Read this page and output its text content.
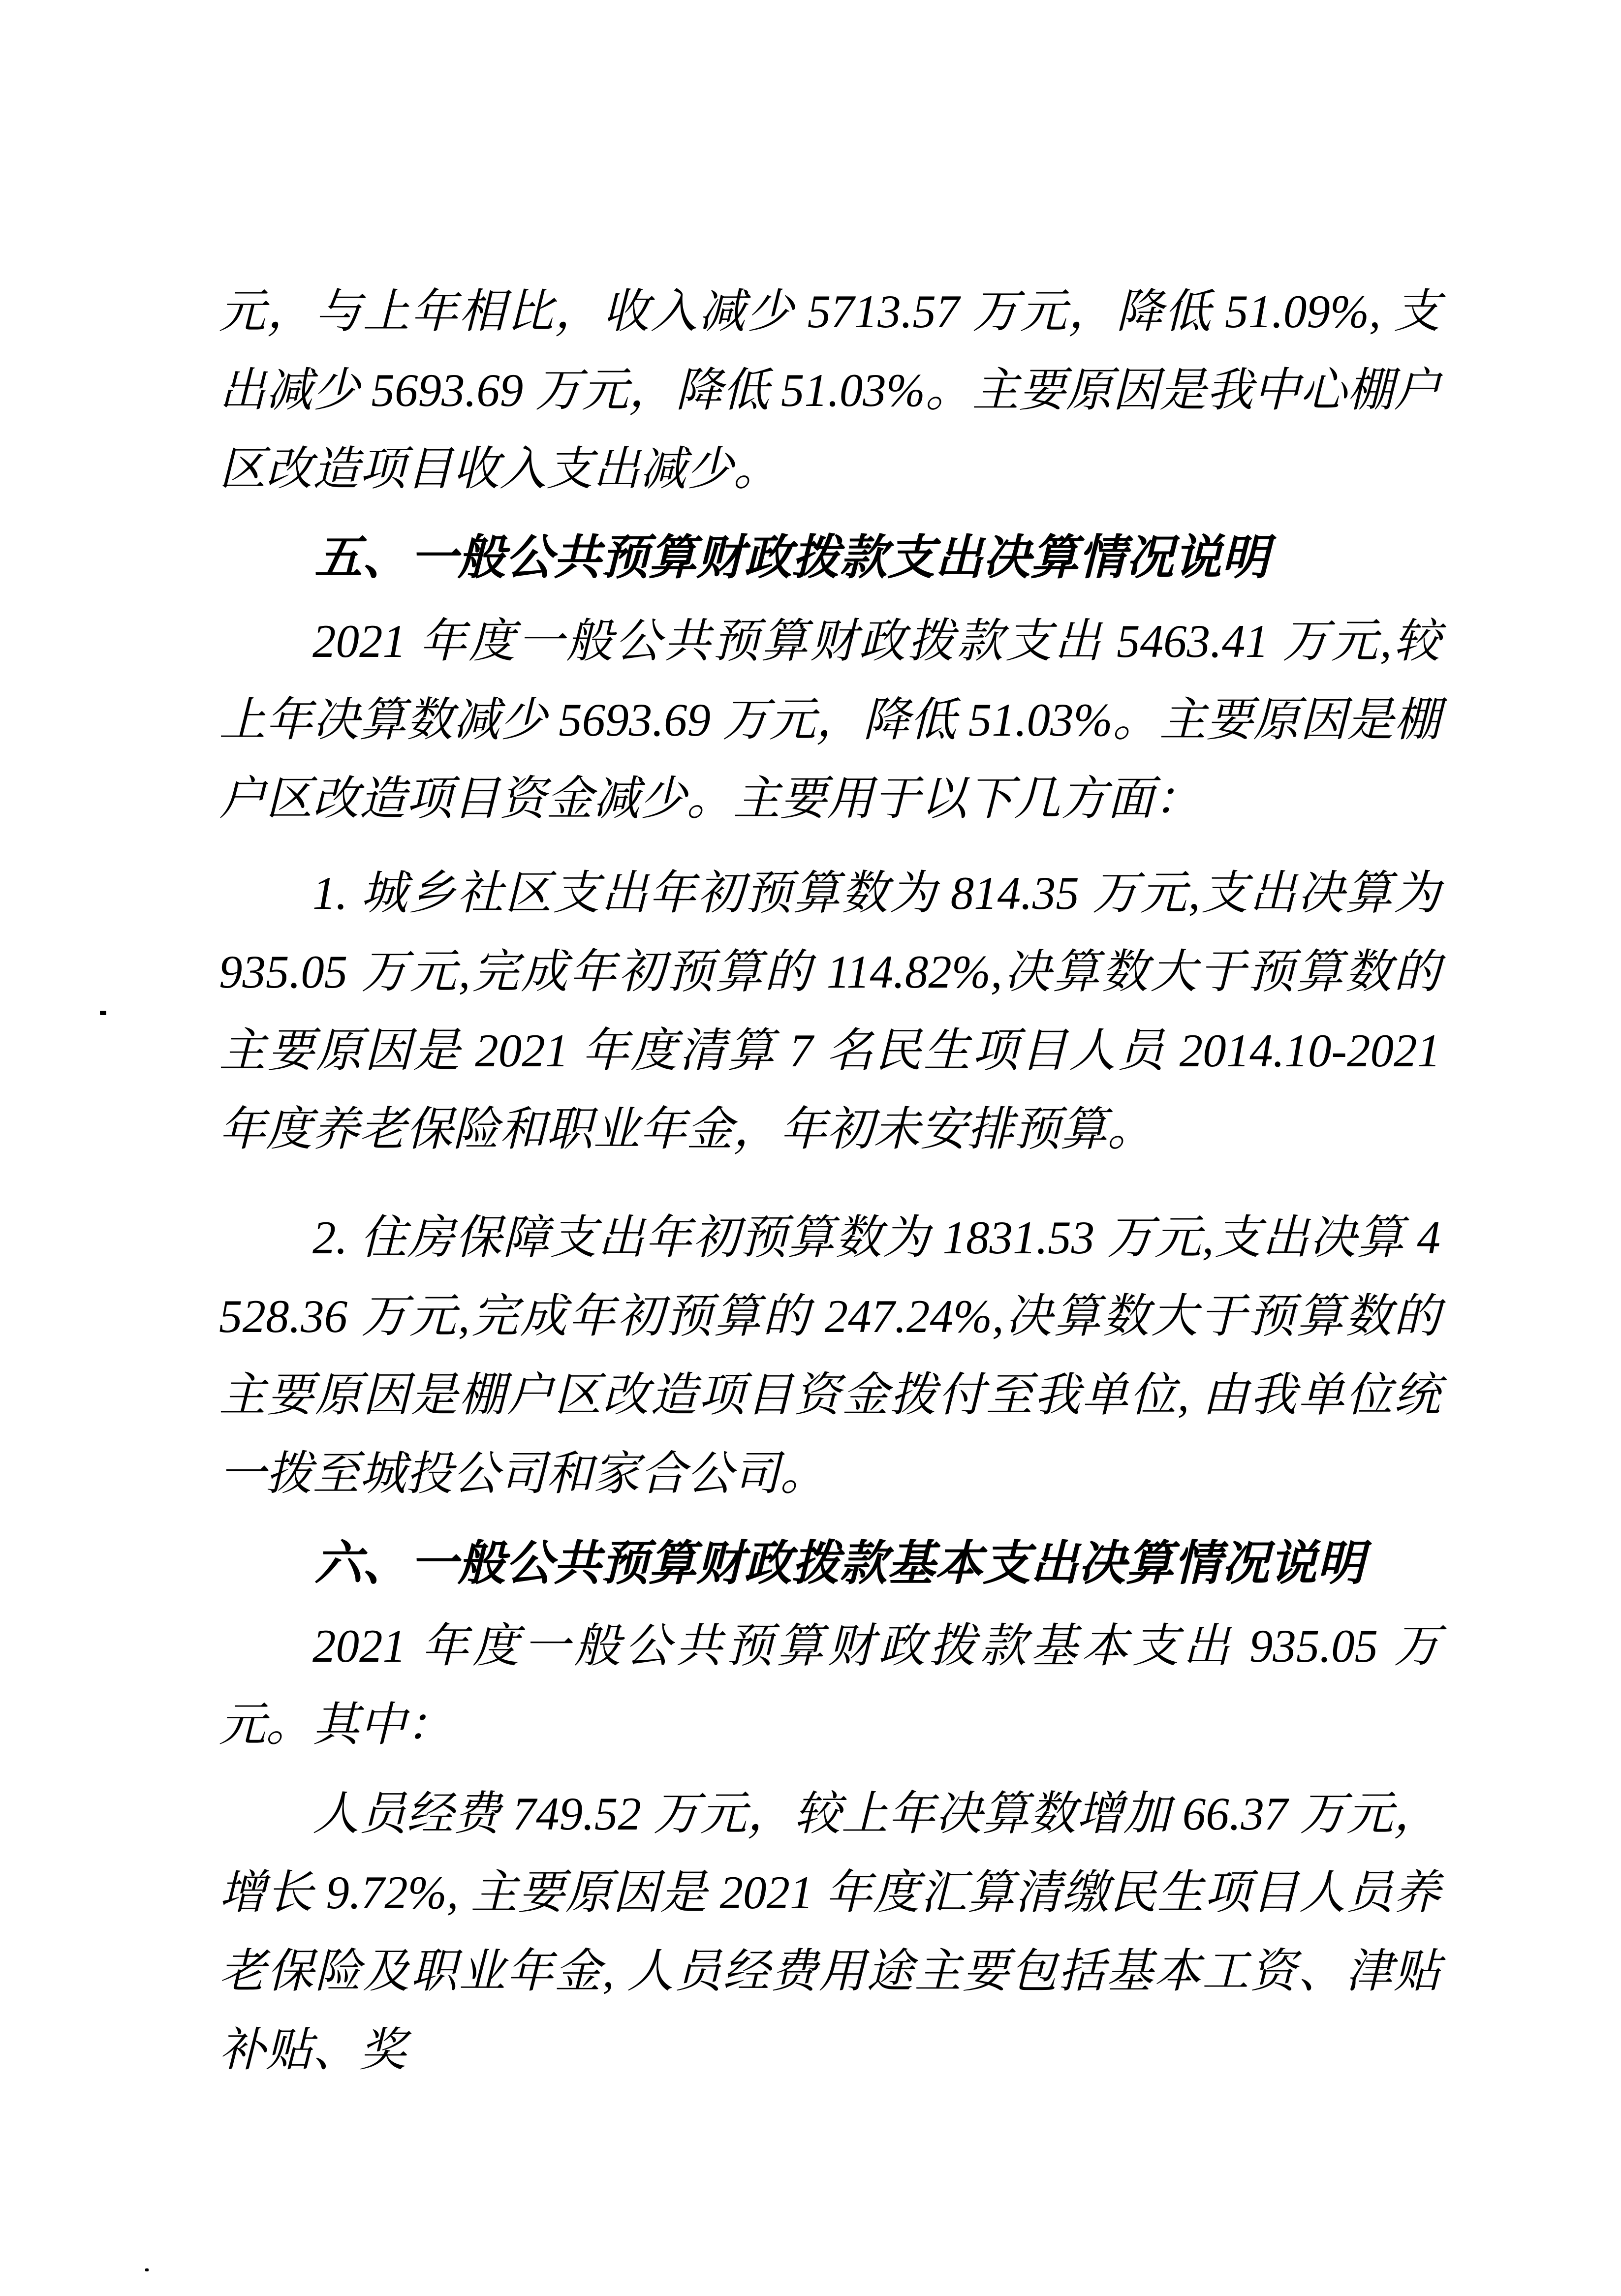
元，与上年相比，收入减少 5713.57 万元，降低 51.09%, 支出减少 5693.69 万元，降低 51.03%。主要原因是我中心棚户区改造项目收入支出减少。

五、一般公共预算财政拨款支出决算情况说明

2021 年度一般公共预算财政拨款支出 5463.41 万元,较上年决算数减少 5693.69 万元，降低 51.03%。主要原因是棚户区改造项目资金减少。主要用于以下几方面：

1. 城乡社区支出年初预算数为 814.35 万元,支出决算为 935.05 万元,完成年初预算的 114.82%,决算数大于预算数的主要原因是 2021 年度清算 7 名民生项目人员 2014.10-2021 年度养老保险和职业年金，年初未安排预算。

2. 住房保障支出年初预算数为 1831.53 万元,支出决算 4528.36 万元,完成年初预算的 247.24%,决算数大于预算数的主要原因是棚户区改造项目资金拨付至我单位, 由我单位统一拨至城投公司和家合公司。

六、一般公共预算财政拨款基本支出决算情况说明

2021 年度一般公共预算财政拨款基本支出 935.05 万元。其中：

人员经费 749.52 万元，较上年决算数增加 66.37 万元，增长 9.72%, 主要原因是 2021 年度汇算清缴民生项目人员养老保险及职业年金, 人员经费用途主要包括基本工资、津贴补贴、奖
